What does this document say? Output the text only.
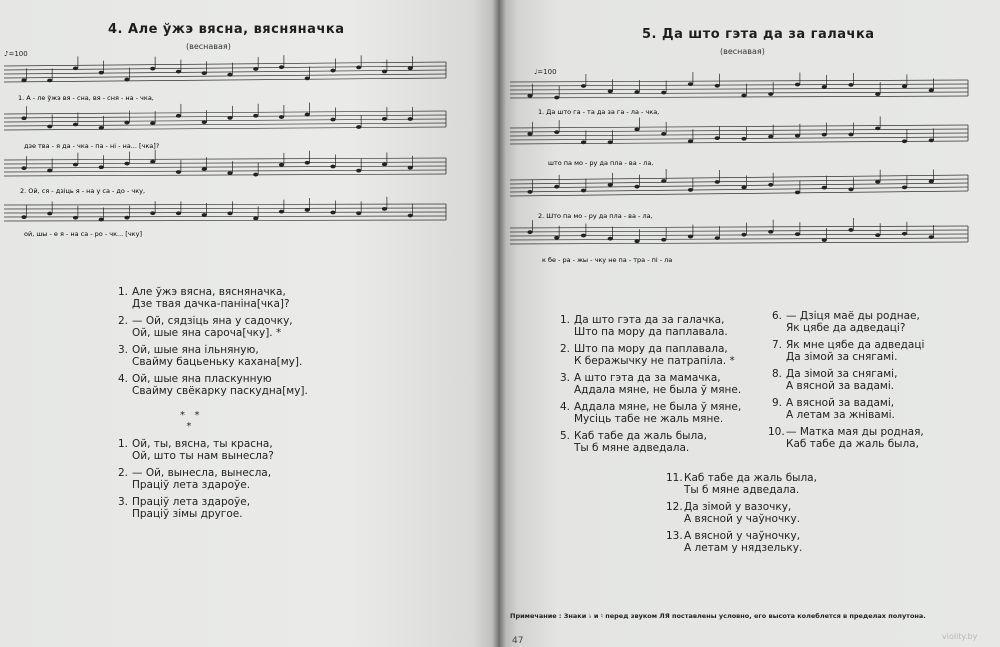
4. Але ўжэ вясна, вясняначка
(веснавая)
♪=100
1. А - ле ўжэ вя - сна, вя - сня - на - чка,
дзе тва - я да - чка - па - ні - на... [чка]?
2. Ой, ся - дзіць я - на у са - до - чку,
ой, шы - е я - на са - ро - чк... [чку]
1. Але ўжэ вясна, вясняначка,
Дзе твая дачка-паніна[чка]?
2. — Ой, сядзіць яна у садочку,
Ой, шые яна сароча[чку]. *
3. Ой, шые яна ільняную,
Свайму бацьeньку кахана[му].
4. Ой, шые яна пласкунную
Свайму свёкарку паскудна[му].
*   *
*
1. Ой, ты, вясна, ты красна,
Ой, што ты нам вынесла?
2. — Ой, вынесла, вынесла,
Праціў лета здароўе.
3. Праціў лета здароўе,
Праціў зімы другое.
5. Да што гэта да за галачка
(веснавая)
♩=100
1. Да што га - та да за га - ла - чка,
што па мо - ру да пла - ва - ла,
2. Што па мо - ру да пла - ва - ла,
к бе - ра - жы - чку не па - тра - пі - ла
1. Да што гэта да за галачка,
Што па мору да паплавала.
2. Што па мору да паплавала,
К беражычку не патрапіла. *
3. А што гэта да за мамачка,
Аддала мяне, не была ў мяне.
4. Аддала мяне, не была ў мяне,
Мусіць табе не жаль мяне.
5. Каб табе да жаль была,
Ты б мяне адведала.
6. — Дзіця маё ды роднае,
Як цябе да адведаці?
7. Як мне цябе да адведаці
Да зімой за снягамі.
8. Да зімой за снягамі,
А вясной за вадамі.
9. А вясной за вадамі,
А летам за жнівамі.
10.— Матка мая ды родная,
Каб табе да жаль была,
11.Каб табе да жаль была,
Ты б мяне адведала.
12.Да зімой у вазочку,
А вясной у чаўночку.
13.А вясной у чаўночку,
А летам у нядзельку.
Примечание : Знаки ♭ и ♮ перед звуком ЛЯ поставлены условно, его высота колеблется в пределах полутона.
47	violity.by
